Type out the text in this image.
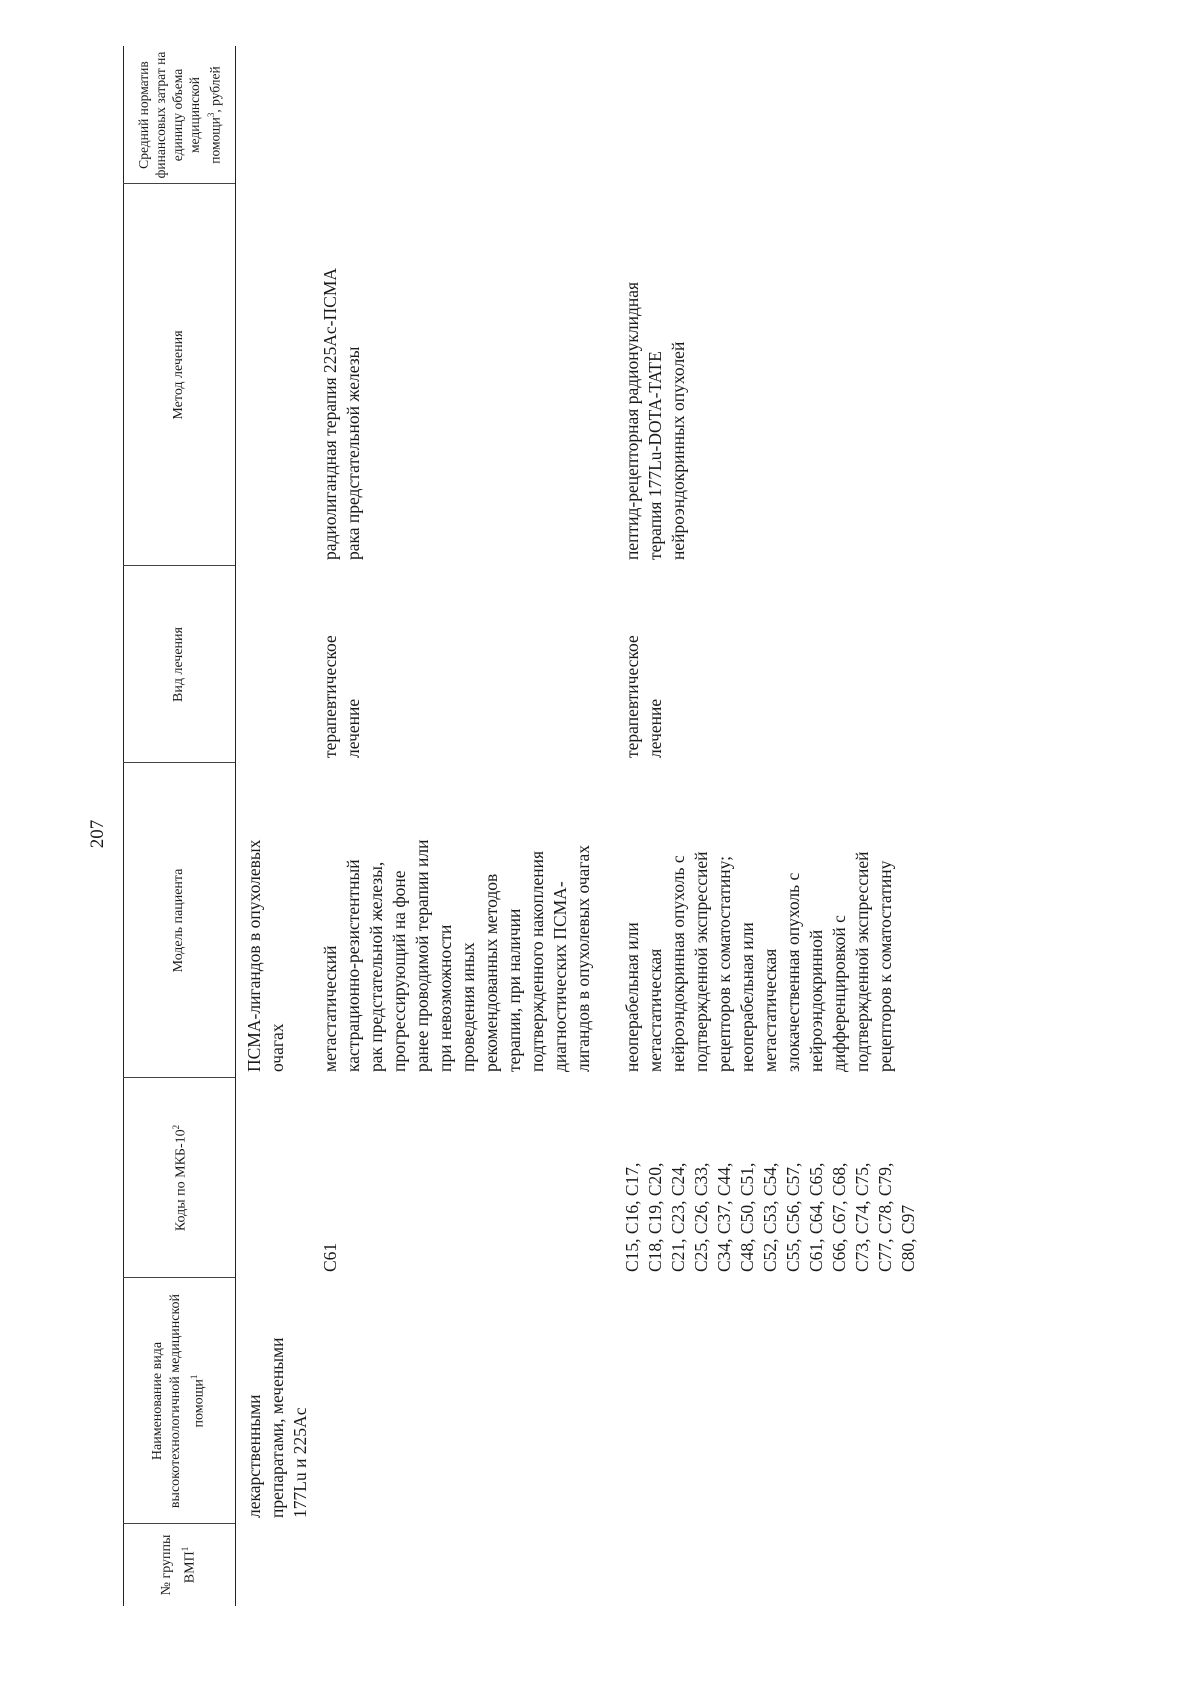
207
№ группы ВМП$^1$
Наименование вида высокотехнологичной медицинской помощи$^1$
Коды по МКБ-$10^2$
Модель пациента
Вид лечения
Метод лечения
Средний норматив финансовых затрат на единицу объема медицинской помощи$^3$, рублей
лекарственными
препаратами, мечеными
177Lu и 225Ac
ПСМА-лигандов в опухолевых
очагах
C61
метастатический
кастрационно-резистентный
рак предстательной железы,
прогрессирующий на фоне
ранее проводимой терапии или
при невозможности
проведения иных
рекомендованных методов
терапии, при наличии
подтвержденного накопления
диагностических ПСМА-
лигандов в опухолевых очагах
терапевтическое
лечение
радиолигандная терапия 225Ac-ПСМА
рака предстательной железы
C15, C16, C17,
C18, C19, C20,
C21, C23, C24,
C25, C26, C33,
C34, C37, C44,
C48, C50, C51,
C52, C53, C54,
C55, C56, C57,
C61, C64, C65,
C66, C67, C68,
C73, C74, C75,
C77, C78, C79,
C80, C97
неоперабельная или
метастатическая
нейроэндокринная опухоль с
подтвержденной экспрессией
рецепторов к соматостатину;
неоперабельная или
метастатическая
злокачественная опухоль с
нейроэндокринной
дифференцировкой с
подтвержденной экспрессией
рецепторов к соматостатину
терапевтическое
лечение
пептид-рецепторная радионуклидная
терапия 177Lu-DOTA-TATE
нейроэндокринных опухолей
